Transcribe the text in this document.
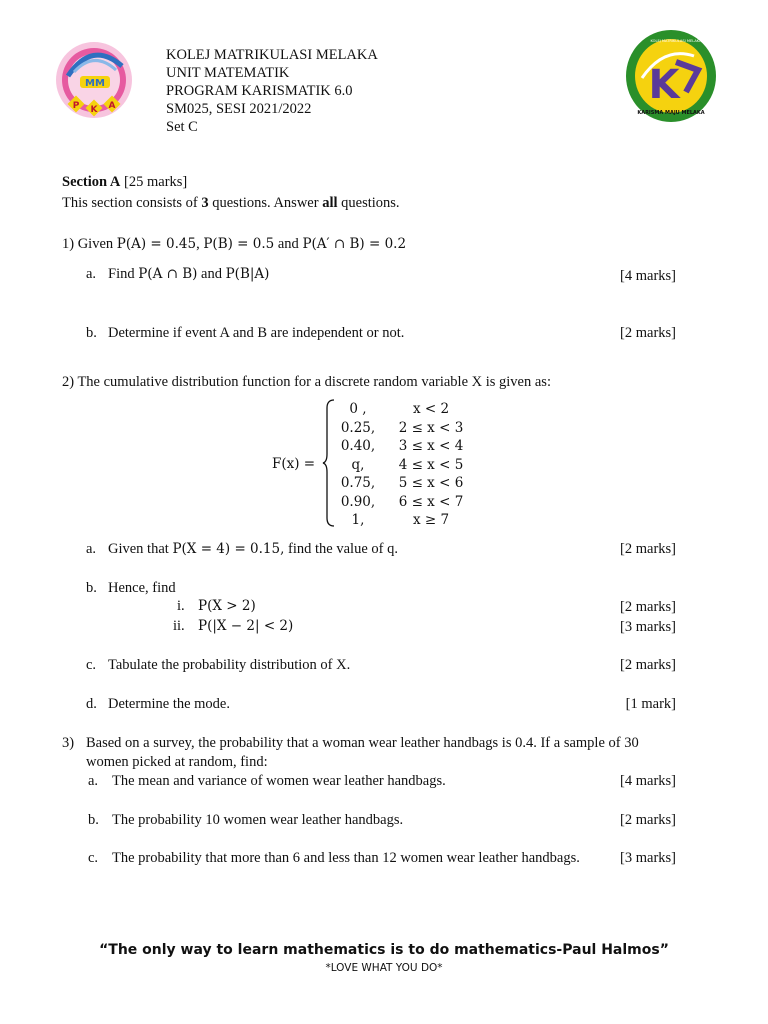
MM
P K A
KOLEJ MATRIKULASI MELAKA
UNIT MATEMATIK
PROGRAM KARISMATIK 6.0
SM025, SESI 2021/2022
Set C
K
KARISMA MAJU MELAKA
KOLEJ MATRIKULASI MELAKA
Section A [25 marks]
This section consists of 3 questions. Answer all questions.
1) Given P(A) = 0.45, P(B) = 0.5 and P(A′ ∩ B) = 0.2
a. Find P(A ∩ B) and P(B|A)	[4 marks]
b. Determine if event A and B are independent or not.	[2 marks]
2) The cumulative distribution function for a discrete random variable X is given as:
F(x) =
0 ,	x < 2
0.25,	2 ≤ x < 3
0.40,	3 ≤ x < 4
q,	4 ≤ x < 5
0.75,	5 ≤ x < 6
0.90,	6 ≤ x < 7
1,	x ≥ 7
a. Given that P(X = 4) = 0.15, find the value of q.	[2 marks]
b. Hence, find
i. P(X > 2)	[2 marks]
ii. P(|X − 2| < 2)	[3 marks]
c. Tabulate the probability distribution of X.	[2 marks]
d. Determine the mode.	[1 mark]
3) Based on a survey, the probability that a woman wear leather handbags is 0.4. If a sample of 30
women picked at random, find:
a. The mean and variance of women wear leather handbags.	[4 marks]
b. The probability 10 women wear leather handbags.	[2 marks]
c. The probability that more than 6 and less than 12 women wear leather handbags.	[3 marks]
“The only way to learn mathematics is to do mathematics-Paul Halmos”
*LOVE WHAT YOU DO*
